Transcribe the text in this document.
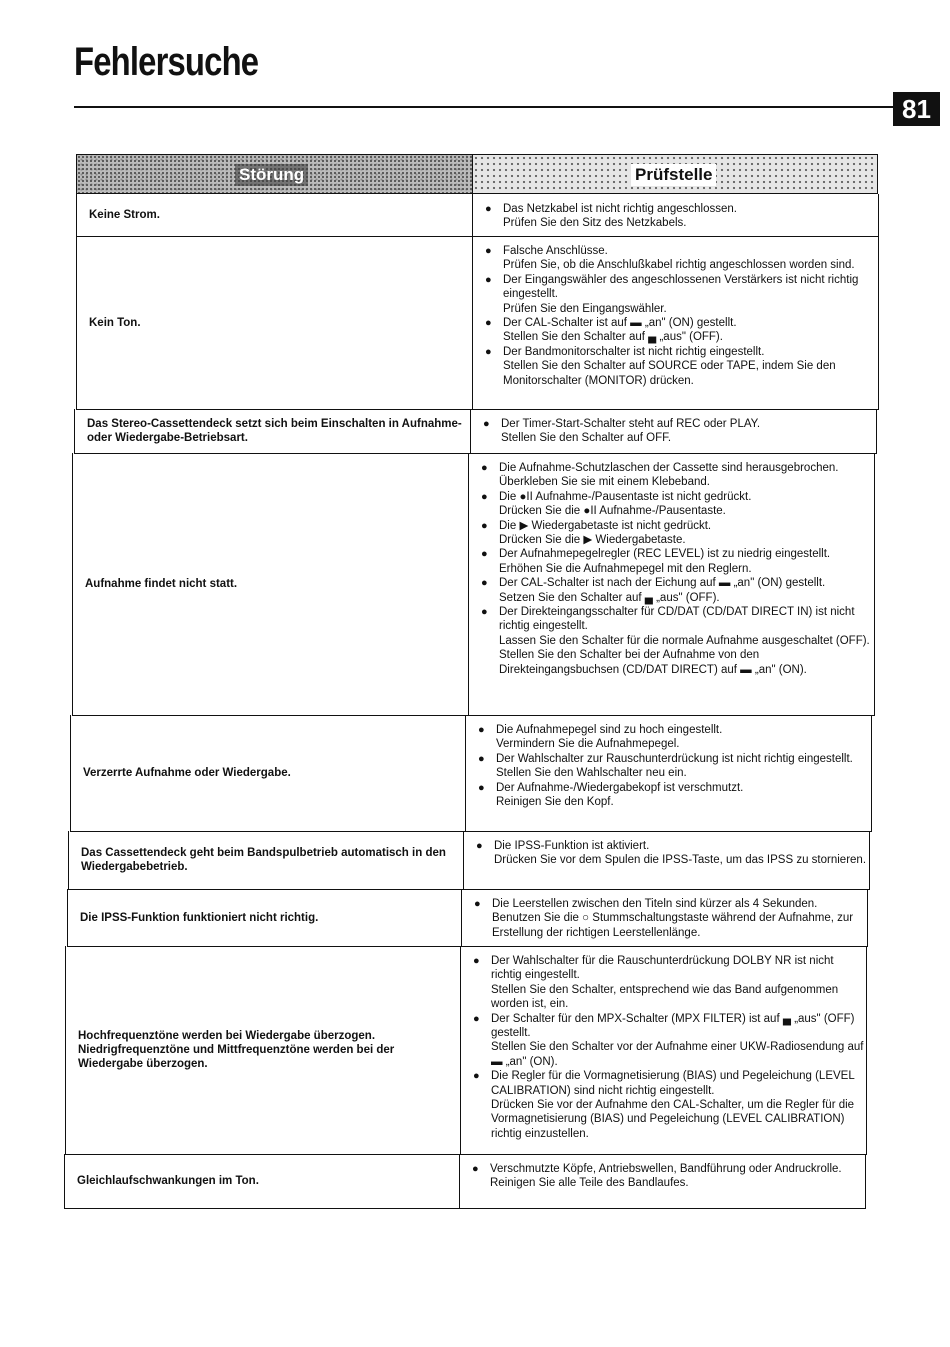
Fehlersuche
81
Störung	Prüfstelle
Keine Strom.	● Das Netzkabel ist nicht richtig angeschlossen.
Prüfen Sie den Sitz des Netzkabels.
Kein Ton.
● Falsche Anschlüsse.
Prüfen Sie, ob die Anschlußkabel richtig angeschlossen worden sind.
● Der Eingangswähler des angeschlossenen Verstärkers ist nicht richtig eingestellt.
Prüfen Sie den Eingangswähler.
● Der CAL-Schalter ist auf ▬ „an" (ON) gestellt.
Stellen Sie den Schalter auf ▄ „aus" (OFF).
● Der Bandmonitorschalter ist nicht richtig eingestellt.
Stellen Sie den Schalter auf SOURCE oder TAPE, indem Sie den Monitorschalter (MONITOR) drücken.
Das Stereo-Cassettendeck setzt sich beim Einschalten in Aufnahme- oder Wiedergabe-Betriebsart.
● Der Timer-Start-Schalter steht auf REC oder PLAY.
Stellen Sie den Schalter auf OFF.
Aufnahme findet nicht statt.
● Die Aufnahme-Schutzlaschen der Cassette sind herausgebrochen.
Überkleben Sie sie mit einem Klebeband.
● Die ●II Aufnahme-/Pausentaste ist nicht gedrückt.
Drücken Sie die ●II Aufnahme-/Pausentaste.
● Die ▶ Wiedergabetaste ist nicht gedrückt.
Drücken Sie die ▶ Wiedergabetaste.
● Der Aufnahmepegelregler (REC LEVEL) ist zu niedrig eingestellt.
Erhöhen Sie die Aufnahmepegel mit den Reglern.
● Der CAL-Schalter ist nach der Eichung auf ▬ „an" (ON) gestellt.
Setzen Sie den Schalter auf ▄ „aus" (OFF).
● Der Direkteingangsschalter für CD/DAT (CD/DAT DIRECT IN) ist nicht richtig eingestellt.
Lassen Sie den Schalter für die normale Aufnahme ausgeschaltet (OFF). Stellen Sie den Schalter bei der Aufnahme von den Direkteingangsbuchsen (CD/DAT DIRECT) auf ▬ „an" (ON).
Verzerrte Aufnahme oder Wiedergabe.
● Die Aufnahmepegel sind zu hoch eingestellt.
Vermindern Sie die Aufnahmepegel.
● Der Wahlschalter zur Rauschunterdrückung ist nicht richtig eingestellt.
Stellen Sie den Wahlschalter neu ein.
● Der Aufnahme-/Wiedergabekopf ist verschmutzt.
Reinigen Sie den Kopf.
Das Cassettendeck geht beim Bandspulbetrieb automatisch in den Wiedergabebetrieb.
● Die IPSS-Funktion ist aktiviert.
Drücken Sie vor dem Spulen die IPSS-Taste, um das IPSS zu stornieren.
Die IPSS-Funktion funktioniert nicht richtig.
● Die Leerstellen zwischen den Titeln sind kürzer als 4 Sekunden.
Benutzen Sie die ○ Stummschaltungstaste während der Aufnahme, zur Erstellung der richtigen Leerstellenlänge.
Hochfrequenztöne werden bei Wiedergabe überzogen. Niedrigfrequenztöne und Mittfrequenztöne werden bei der Wiedergabe überzogen.
● Der Wahlschalter für die Rauschunterdrückung DOLBY NR ist nicht richtig eingestellt.
Stellen Sie den Schalter, entsprechend wie das Band aufgenommen worden ist, ein.
● Der Schalter für den MPX-Schalter (MPX FILTER) ist auf ▄ „aus" (OFF) gestellt.
Stellen Sie den Schalter vor der Aufnahme einer UKW-Radiosendung auf ▬ „an" (ON).
● Die Regler für die Vormagnetisierung (BIAS) und Pegeleichung (LEVEL CALIBRATION) sind nicht richtig eingestellt.
Drücken Sie vor der Aufnahme den CAL-Schalter, um die Regler für die Vormagnetisierung (BIAS) und Pegeleichung (LEVEL CALIBRATION) richtig einzustellen.
Gleichlaufschwankungen im Ton.
● Verschmutzte Köpfe, Antriebswellen, Bandführung oder Andruckrolle.
Reinigen Sie alle Teile des Bandlaufes.
